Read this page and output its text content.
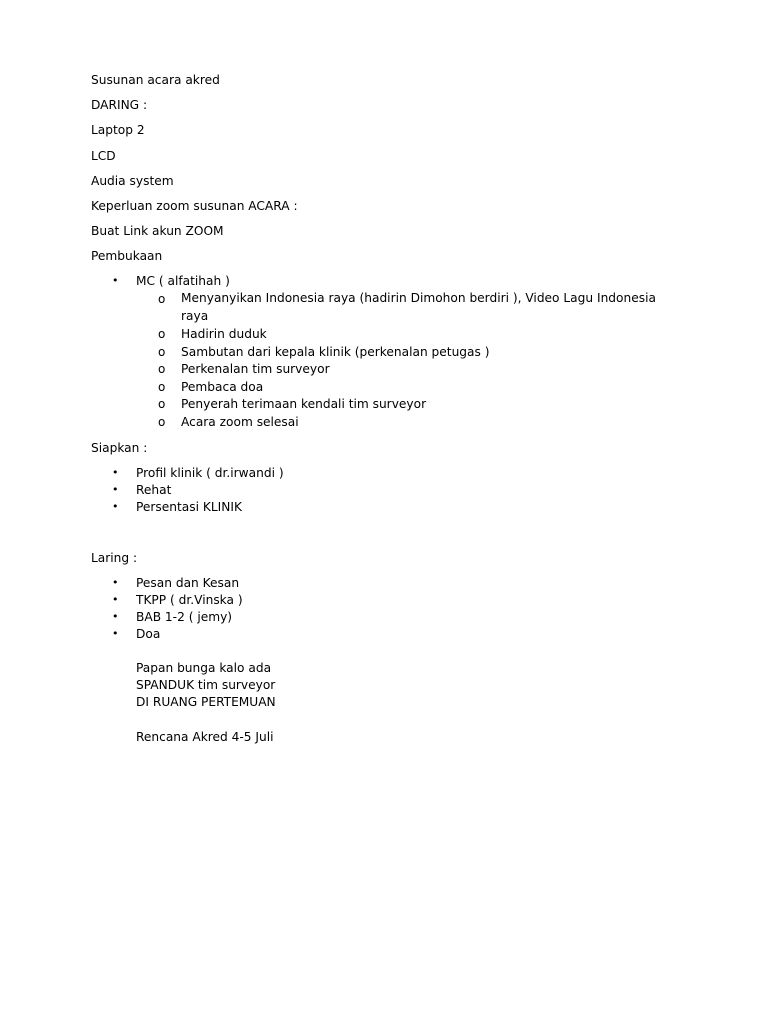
Susunan acara akred
DARING :
Laptop 2
LCD
Audia system
Keperluan zoom susunan ACARA :
Buat Link akun ZOOM
Pembukaan
• MC ( alfatihah )
o Menyanyikan Indonesia raya (hadirin Dimohon berdiri ), Video Lagu Indonesia raya
o Hadirin duduk
o Sambutan dari kepala klinik (perkenalan petugas )
o Perkenalan tim surveyor
o Pembaca doa
o Penyerah terimaan kendali tim surveyor
o Acara zoom selesai
Siapkan :
• Profil klinik ( dr.irwandi )
• Rehat
• Persentasi KLINIK
Laring :
• Pesan dan Kesan
• TKPP ( dr.Vinska )
• BAB 1-2 ( jemy)
• Doa
Papan bunga kalo ada
SPANDUK tim surveyor
DI RUANG PERTEMUAN
Rencana Akred 4-5 Juli
